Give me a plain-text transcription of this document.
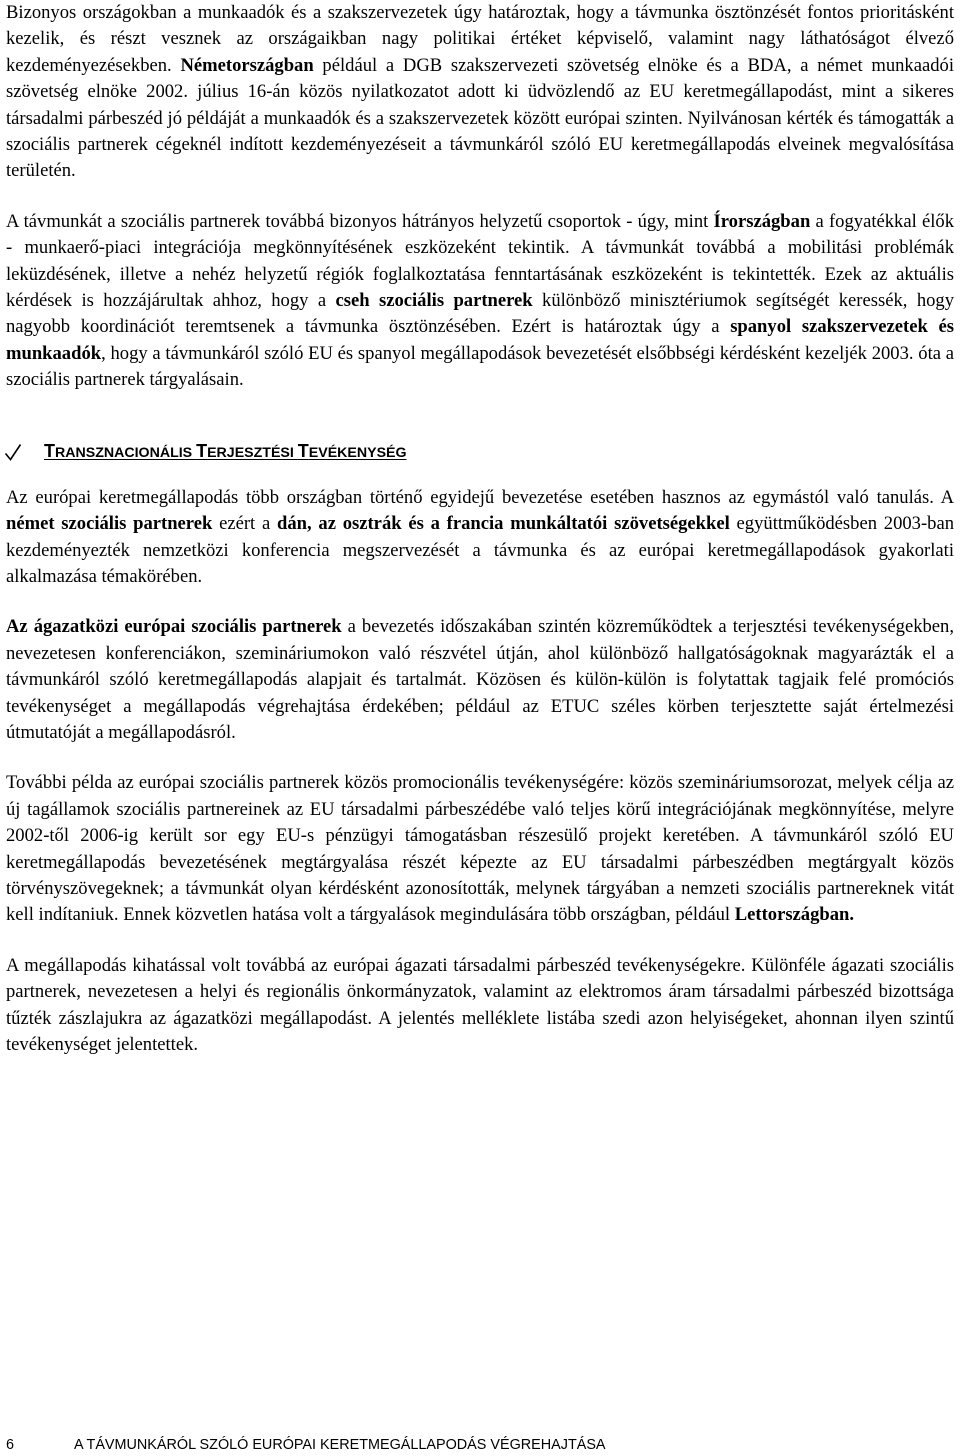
Bizonyos országokban a munkaadók és a szakszervezetek úgy határoztak, hogy a távmunka ösztönzését fontos prioritásként kezelik, és részt vesznek az országaikban nagy politikai értéket képviselő, valamint nagy láthatóságot élvező kezdeményezésekben. Németországban például a DGB szakszervezeti szövetség elnöke és a BDA, a német munkaadói szövetség elnöke 2002. július 16-án közös nyilatkozatot adott ki üdvözlendő az EU keretmegállapodást, mint a sikeres társadalmi párbeszéd jó példáját a munkaadók és a szakszervezetek között európai szinten. Nyilvánosan kérték és támogatták a szociális partnerek cégeknél indított kezdeményezéseit a távmunkáról szóló EU keretmegállapodás elveinek megvalósítása területén.

A távmunkát a szociális partnerek továbbá bizonyos hátrányos helyzetű csoportok - úgy, mint Írországban a fogyatékkal élők - munkaerő-piaci integrációja megkönnyítésének eszközeként tekintik. A távmunkát továbbá a mobilitási problémák leküzdésének, illetve a nehéz helyzetű régiók foglalkoztatása fenntartásának eszközeként is tekintették. Ezek az aktuális kérdések is hozzájárultak ahhoz, hogy a cseh szociális partnerek különböző minisztériumok segítségét keressék, hogy nagyobb koordinációt teremtsenek a távmunka ösztönzésében. Ezért is határoztak úgy a spanyol szakszervezetek és munkaadók, hogy a távmunkáról szóló EU és spanyol megállapodások bevezetését elsőbbségi kérdésként kezeljék 2003. óta a szociális partnerek tárgyalásain.

TRANSZNACIONÁLIS TERJESZTÉSI TEVÉKENYSÉG

Az európai keretmegállapodás több országban történő egyidejű bevezetése esetében hasznos az egymástól való tanulás. A német szociális partnerek ezért a dán, az osztrák és a francia munkáltatói szövetségekkel együttműködésben 2003-ban kezdeményezték nemzetközi konferencia megszervezését a távmunka és az európai keretmegállapodások gyakorlati alkalmazása témakörében.

Az ágazatközi európai szociális partnerek a bevezetés időszakában szintén közreműködtek a terjesztési tevékenységekben, nevezetesen konferenciákon, szemináriumokon való részvétel útján, ahol különböző hallgatóságoknak magyarázták el a távmunkáról szóló keretmegállapodás alapjait és tartalmát. Közösen és külön-külön is folytattak tagjaik felé promóciós tevékenységet a megállapodás végrehajtása érdekében; például az ETUC széles körben terjesztette saját értelmezési útmutatóját a megállapodásról.

További példa az európai szociális partnerek közös promocionális tevékenységére: közös szemináriumsorozat, melyek célja az új tagállamok szociális partnereinek az EU társadalmi párbeszédébe való teljes körű integrációjának megkönnyítése, melyre 2002-től 2006-ig került sor egy EU-s pénzügyi támogatásban részesülő projekt keretében. A távmunkáról szóló EU keretmegállapodás bevezetésének megtárgyalása részét képezte az EU társadalmi párbeszédben megtárgyalt közös törvényszövegeknek; a távmunkát olyan kérdésként azonosították, melynek tárgyában a nemzeti szociális partnereknek vitát kell indítaniuk. Ennek közvetlen hatása volt a tárgyalások megindulására több országban, például Lettországban.

A megállapodás kihatással volt továbbá az európai ágazati társadalmi párbeszéd tevékenységekre. Különféle ágazati szociális partnerek, nevezetesen a helyi és regionális önkormányzatok, valamint az elektromos áram társadalmi párbeszéd bizottsága tűzték zászlajukra az ágazatközi megállapodást. A jelentés melléklete listába szedi azon helyiségeket, ahonnan ilyen szintű tevékenységet jelentettek.

6	A TÁVMUNKÁRÓL SZÓLÓ EURÓPAI KERETMEGÁLLAPODÁS VÉGREHAJTÁSA
